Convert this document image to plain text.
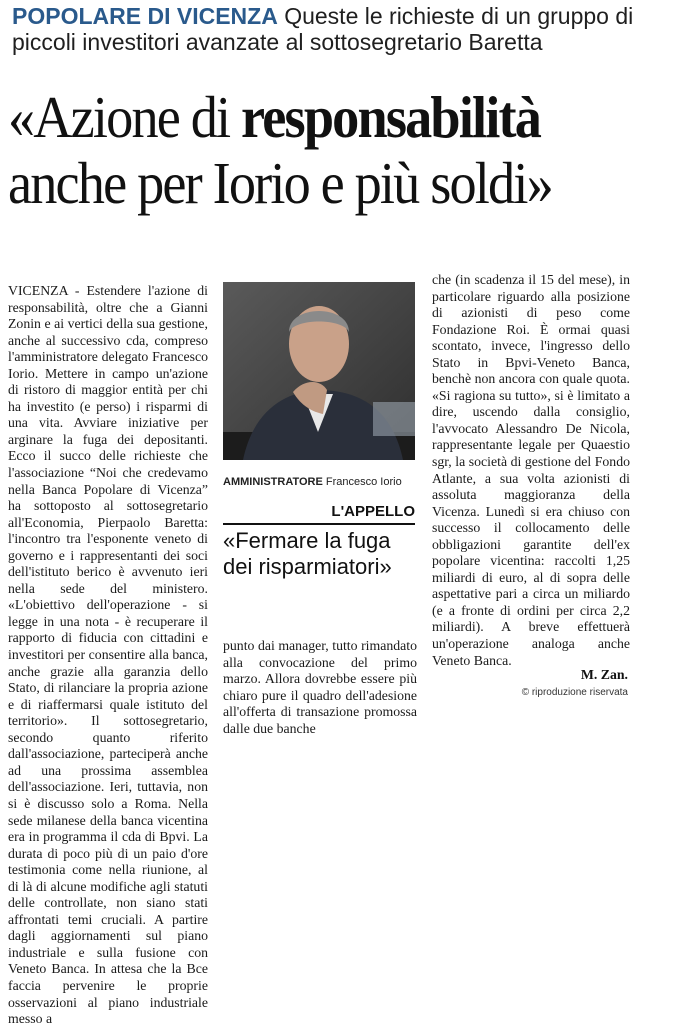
POPOLARE DI VICENZA Queste le richieste di un gruppo di piccoli investitori avanzate al sottosegretario Baretta
«Azione di responsabilità
anche per Iorio e più soldi»
VICENZA - Estendere l'azione di responsabilità, oltre che a Gianni Zonin e ai vertici della sua gestione, anche al successivo cda, compreso l'amministratore delegato Francesco Iorio. Mettere in campo un'azione di ristoro di maggior entità per chi ha investito (e perso) i risparmi di una vita. Avviare iniziative per arginare la fuga dei depositanti. Ecco il succo delle richieste che l'associazione “Noi che credevamo nella Banca Popolare di Vicenza” ha sottoposto al sottosegretario all'Economia, Pierpaolo Baretta: l'incontro tra l'esponente veneto di governo e i rappresentanti dei soci dell'istituto berico è avvenuto ieri nella sede del ministero. «L'obiettivo dell'operazione - si legge in una nota - è recuperare il rapporto di fiducia con cittadini e investitori per consentire alla banca, anche grazie alla garanzia dello Stato, di rilanciare la propria azione e di riaffermarsi quale istituto del territorio». Il sottosegretario, secondo quanto riferito dall'associazione, parteciperà anche ad una prossima assemblea dell'associazione. Ieri, tuttavia, non si è discusso solo a Roma. Nella sede milanese della banca vicentina era in programma il cda di Bpvi. La durata di poco più di un paio d'ore testimonia come nella riunione, al di là di alcune modifiche agli statuti delle controllate, non siano stati affrontati temi cruciali. A partire dagli aggiornamenti sul piano industriale e sulla fusione con Veneto Banca. In attesa che la Bce faccia pervenire le proprie osservazioni al piano industriale messo a
AMMINISTRATORE Francesco Iorio
L'APPELLO
«Fermare la fuga dei risparmiatori»
punto dai manager, tutto rimandato alla convocazione del primo marzo. Allora dovrebbe essere più chiaro pure il quadro dell'adesione all'offerta di transazione promossa dalle due banche
che (in scadenza il 15 del mese), in particolare riguardo alla posizione di azionisti di peso come Fondazione Roi. È ormai quasi scontato, invece, l'ingresso dello Stato in Bpvi-Veneto Banca, benchè non ancora con quale quota. «Si ragiona su tutto», si è limitato a dire, uscendo dalla consiglio, l'avvocato Alessandro De Nicola, rappresentante legale per Quaestio sgr, la società di gestione del Fondo Atlante, a sua volta azionisti di assoluta maggioranza della Vicenza. Lunedì si era chiuso con successo il collocamento delle obbligazioni garantite dell'ex popolare vicentina: raccolti 1,25 miliardi di euro, al di sopra delle aspettative pari a circa un miliardo (e a fronte di ordini per circa 2,2 miliardi). A breve effettuerà un'operazione analoga anche Veneto Banca.
M. Zan.
© riproduzione riservata
